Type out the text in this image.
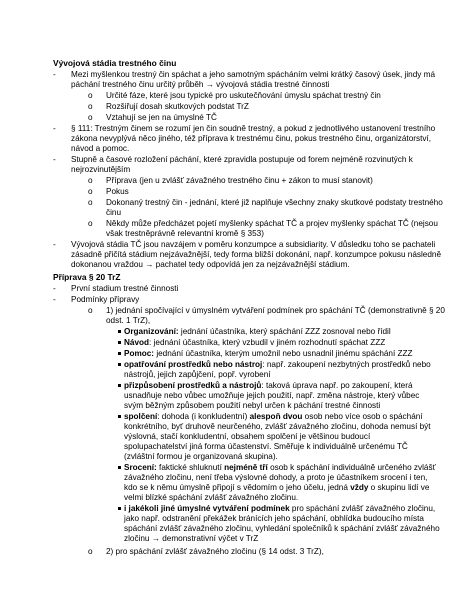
Vývojová stádia trestného činu
- Mezi myšlenkou trestný čin spáchat a jeho samotným spácháním velmi krátký časový úsek, jindy má
páchání trestného činu určitý průběh → vývojová stádia trestné činnosti
o Určité fáze, které jsou typické pro uskutečňování úmyslu spáchat trestný čin
o Rozšiřují dosah skutkových podstat TrZ
o Vztahují se jen na úmyslné TČ
- § 111: Trestným činem se rozumí jen čin soudně trestný, a pokud z jednotlivého ustanovení trestního
zákona nevyplývá něco jiného, též příprava k trestnému činu, pokus trestného činu, organizátorství,
návod a pomoc.
- Stupně a časové rozložení páchání, které zpravidla postupuje od forem nejméně rozvinutých k
nejrozvinutějším
o Příprava (jen u zvlášť závažného trestného činu + zákon to musí stanovit)
o Pokus
o Dokonaný trestný čin - jednání, které již naplňuje všechny znaky skutkové podstaty trestného
činu
o Někdy může předcházet pojetí myšlenky spáchat TČ a projev myšlenky spáchat TČ (nejsou
však trestněprávně relevantní kromě § 353)
- Vývojová stádia TČ jsou navzájem v poměru konzumpce a subsidiarity. V důsledku toho se pachateli
zásadně přičítá stádium nejzávažnější, tedy forma bližší dokonání, např. konzumpce pokusu následně
dokonanou vraždou → pachatel tedy odpovídá jen za nejzávažnější stádium.
Příprava § 20 TrZ
- První stadium trestné činnosti
- Podmínky přípravy
o 1) jednání spočívající v úmyslném vytváření podmínek pro spáchání TČ (demonstrativně § 20
odst. 1 TrZ),
Organizování: jednání účastníka, který spáchání ZZZ zosnoval nebo řídil
Návod: jednání účastníka, který vzbudil v jiném rozhodnutí spáchat ZZZ
Pomoc: jednání účastníka, kterým umožnil nebo usnadnil jinému spáchání ZZZ
opatřování prostředků nebo nástroj: např. zakoupení nezbytných prostředků nebo
nástrojů, jejich zapůjčení, popř. vyrobení
přizpůsobení prostředků a nástrojů: taková úprava např. po zakoupení, která
usnadňuje nebo vůbec umožňuje jejich použití, např. změna nástroje, který vůbec
svým běžným způsobem použití nebyl určen k páchání trestné činnosti
spolčení: dohoda (i konkludentní) alespoň dvou osob nebo více osob o spáchání
konkrétního, byť druhově neurčeného, zvlášť závažného zločinu, dohoda nemusí být
výslovná, stačí konkludentní, obsahem spolčení je většinou budoucí
spolupachatelství jiná forma účastenství. Směřuje k individuálně určenému TČ
(zvláštní formou je organizovaná skupina).
Srocení: faktické shluknutí nejméně tří osob k spáchání individuálně určeného zvlášť
závažného zločinu, není třeba výslovné dohody, a proto je účastníkem srocení i ten,
kdo se k němu úmyslně připojí s vědomím o jeho účelu, jedná vždy o skupinu lidí ve
velmi blízké spáchání zvlášť závažného zločinu.
i jakékoli jiné úmyslné vytváření podmínek pro spáchání zvlášť závažného zločinu,
jako např. odstranění překážek bránících jeho spáchání, obhlídka budoucího místa
spáchání zvlášť závažného zločinu, vyhledání společníků k spáchání zvlášť závažného
zločinu → demonstrativní výčet v TrZ
o 2) pro spáchání zvlášť závažného zločinu (§ 14 odst. 3 TrZ),
